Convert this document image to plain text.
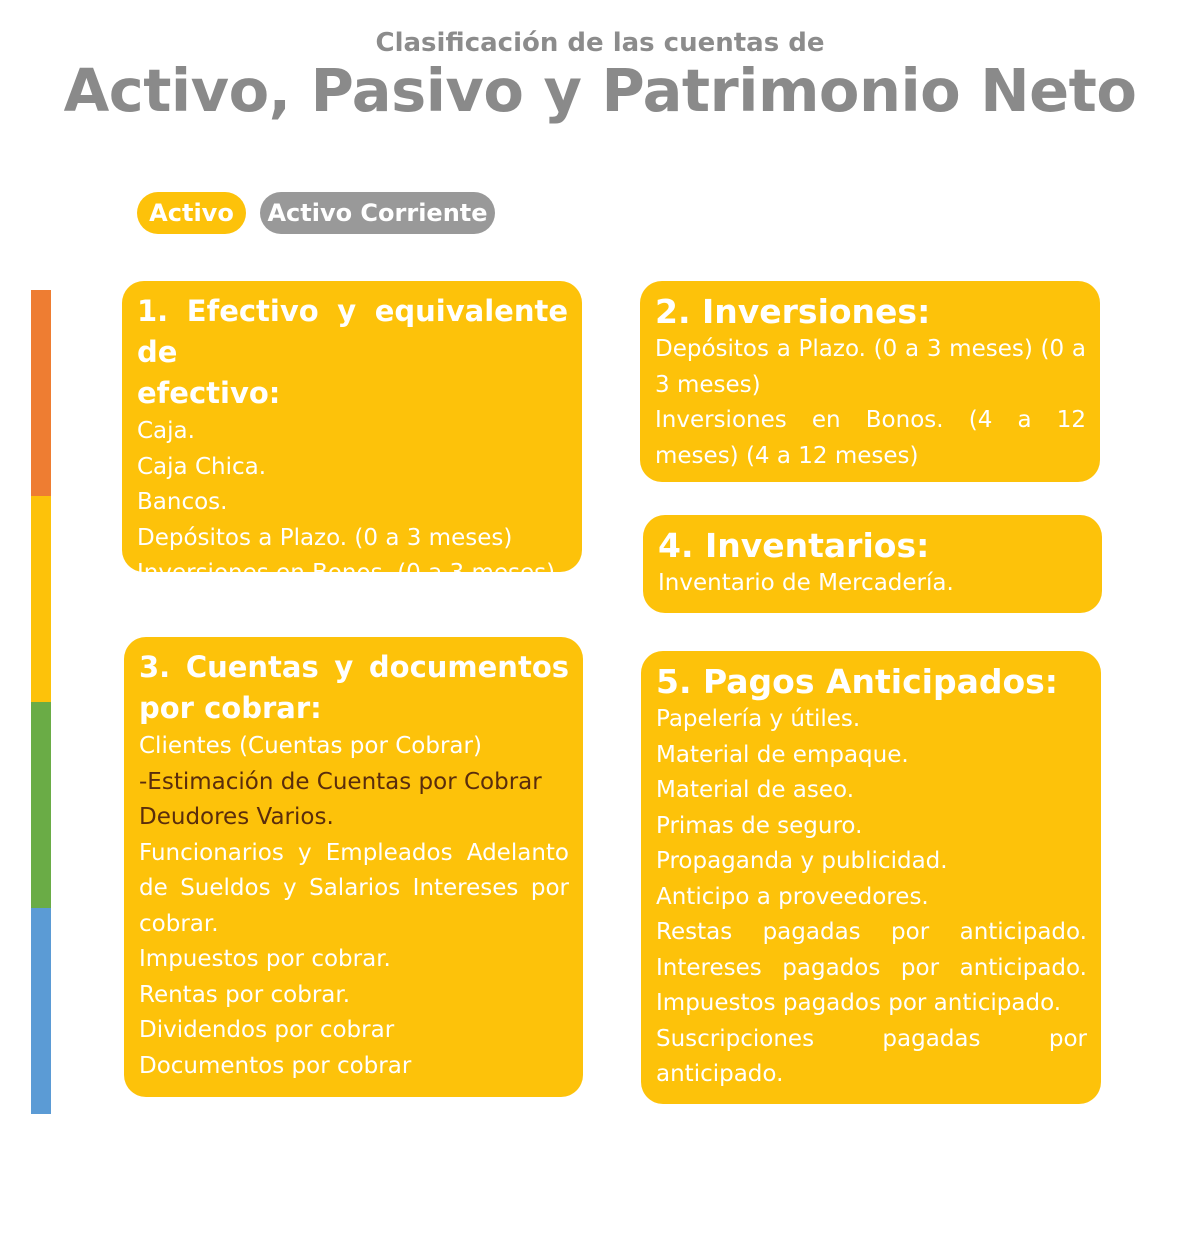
Clasificación de las cuentas de
Activo, Pasivo y Patrimonio Neto
Activo	Activo Corriente
1. Efectivo y equivalente de
efectivo:
Caja.
Caja Chica.
Bancos.
Depósitos a Plazo. (0 a 3 meses)
Inversiones en Bonos. (0 a 3 meses)
2. Inversiones:
Depósitos a Plazo. (0 a 3 meses) (0 a 3 meses)
Inversiones en Bonos. (4 a 12 meses) (4 a 12 meses)
4. Inventarios:
Inventario de Mercadería.
3. Cuentas y documentos
por cobrar:
Clientes (Cuentas por Cobrar)
-Estimación de Cuentas por Cobrar
Deudores Varios.
Funcionarios y Empleados Adelanto de Sueldos y Salarios Intereses por cobrar.
Impuestos por cobrar.
Rentas por cobrar.
Dividendos por cobrar
Documentos por cobrar
5. Pagos Anticipados:
Papelería y útiles.
Material de empaque.
Material de aseo.
Primas de seguro.
Propaganda y publicidad.
Anticipo a proveedores.
Restas pagadas por anticipado.
Intereses pagados por anticipado.
Impuestos pagados por anticipado.
Suscripciones pagadas por anticipado.
